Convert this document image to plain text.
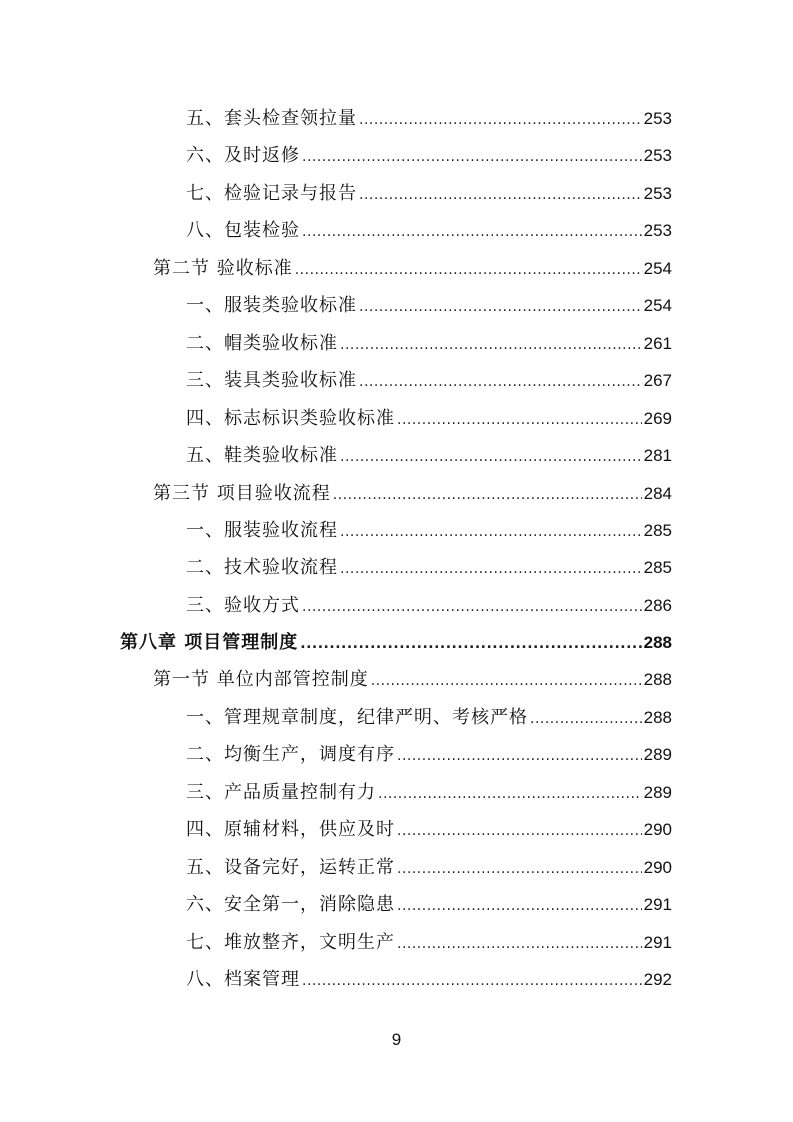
五、套头检查领拉量 .....	253
六、及时返修 .....	253
七、检验记录与报告 .....	253
八、包装检验 .....	253
第二节 验收标准 .....	254
一、服装类验收标准 .....	254
二、帽类验收标准 .....	261
三、装具类验收标准 .....	267
四、标志标识类验收标准 .....	269
五、鞋类验收标准 .....	281
第三节 项目验收流程 .....	284
一、服装验收流程 .....	285
二、技术验收流程 .....	285
三、验收方式 .....	286
第八章 项目管理制度 .....	288
第一节 单位内部管控制度 .....	288
一、管理规章制度，纪律严明、考核严格 .....	288
二、均衡生产，调度有序 .....	289
三、产品质量控制有力 .....	289
四、原辅材料，供应及时 .....	290
五、设备完好，运转正常 .....	290
六、安全第一，消除隐患 .....	291
七、堆放整齐，文明生产 .....	291
八、档案管理 .....	292
9
